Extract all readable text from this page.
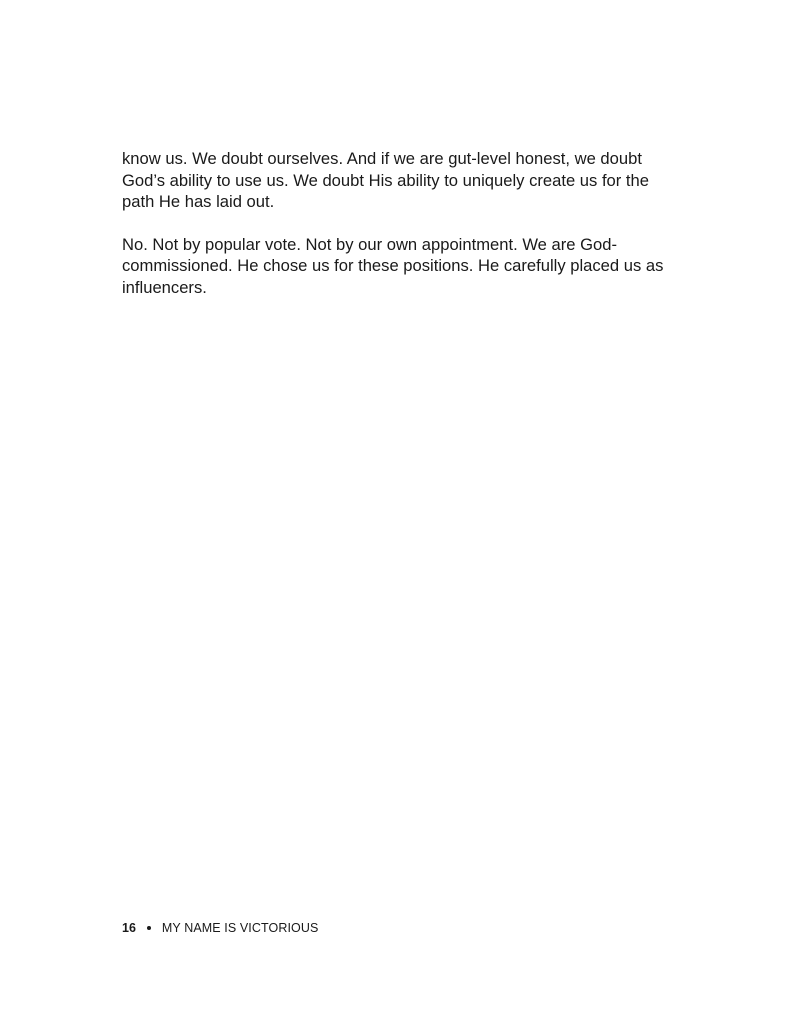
know us. We doubt ourselves. And if we are gut-level honest, we doubt
God’s ability to use us. We doubt His ability to uniquely create us for the
path He has laid out.
No. Not by popular vote. Not by our own appointment. We are God-
commissioned. He chose us for these positions. He carefully placed us as
influencers.
16 MY NAME IS VICTORIOUS
